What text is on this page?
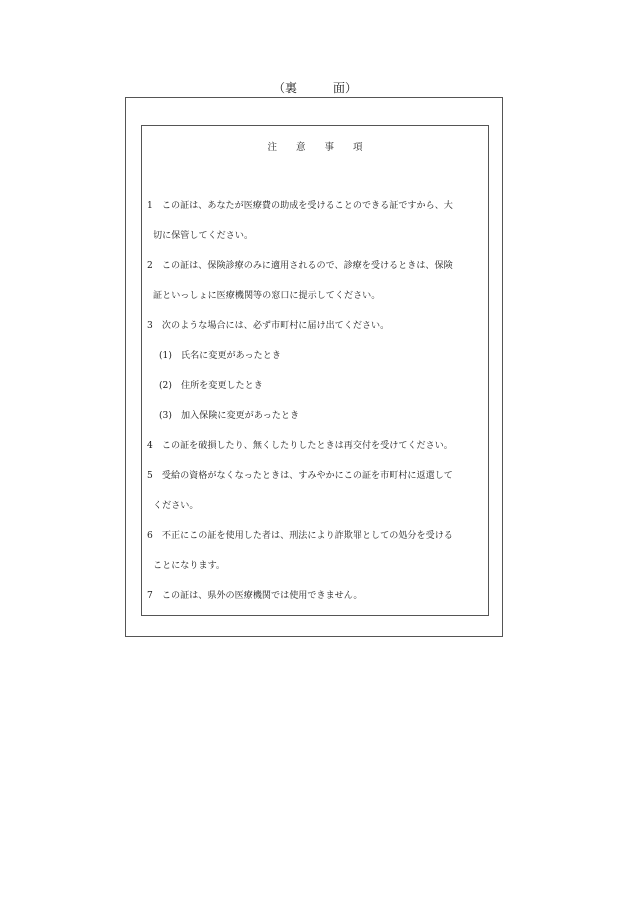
（裏　　　面）
注　　意　　事　　項
1　この証は、あなたが医療費の助成を受けることのできる証ですから、大
切に保管してください。
2　この証は、保険診療のみに適用されるので、診療を受けるときは、保険
証といっしょに医療機関等の窓口に提示してください。
3　次のような場合には、必ず市町村に届け出てください。
(1)　氏名に変更があったとき
(2)　住所を変更したとき
(3)　加入保険に変更があったとき
4　この証を破損したり、無くしたりしたときは再交付を受けてください。
5　受給の資格がなくなったときは、すみやかにこの証を市町村に返還して
ください。
6　不正にこの証を使用した者は、刑法により詐欺罪としての処分を受ける
ことになります。
7　この証は、県外の医療機関では使用できません。
